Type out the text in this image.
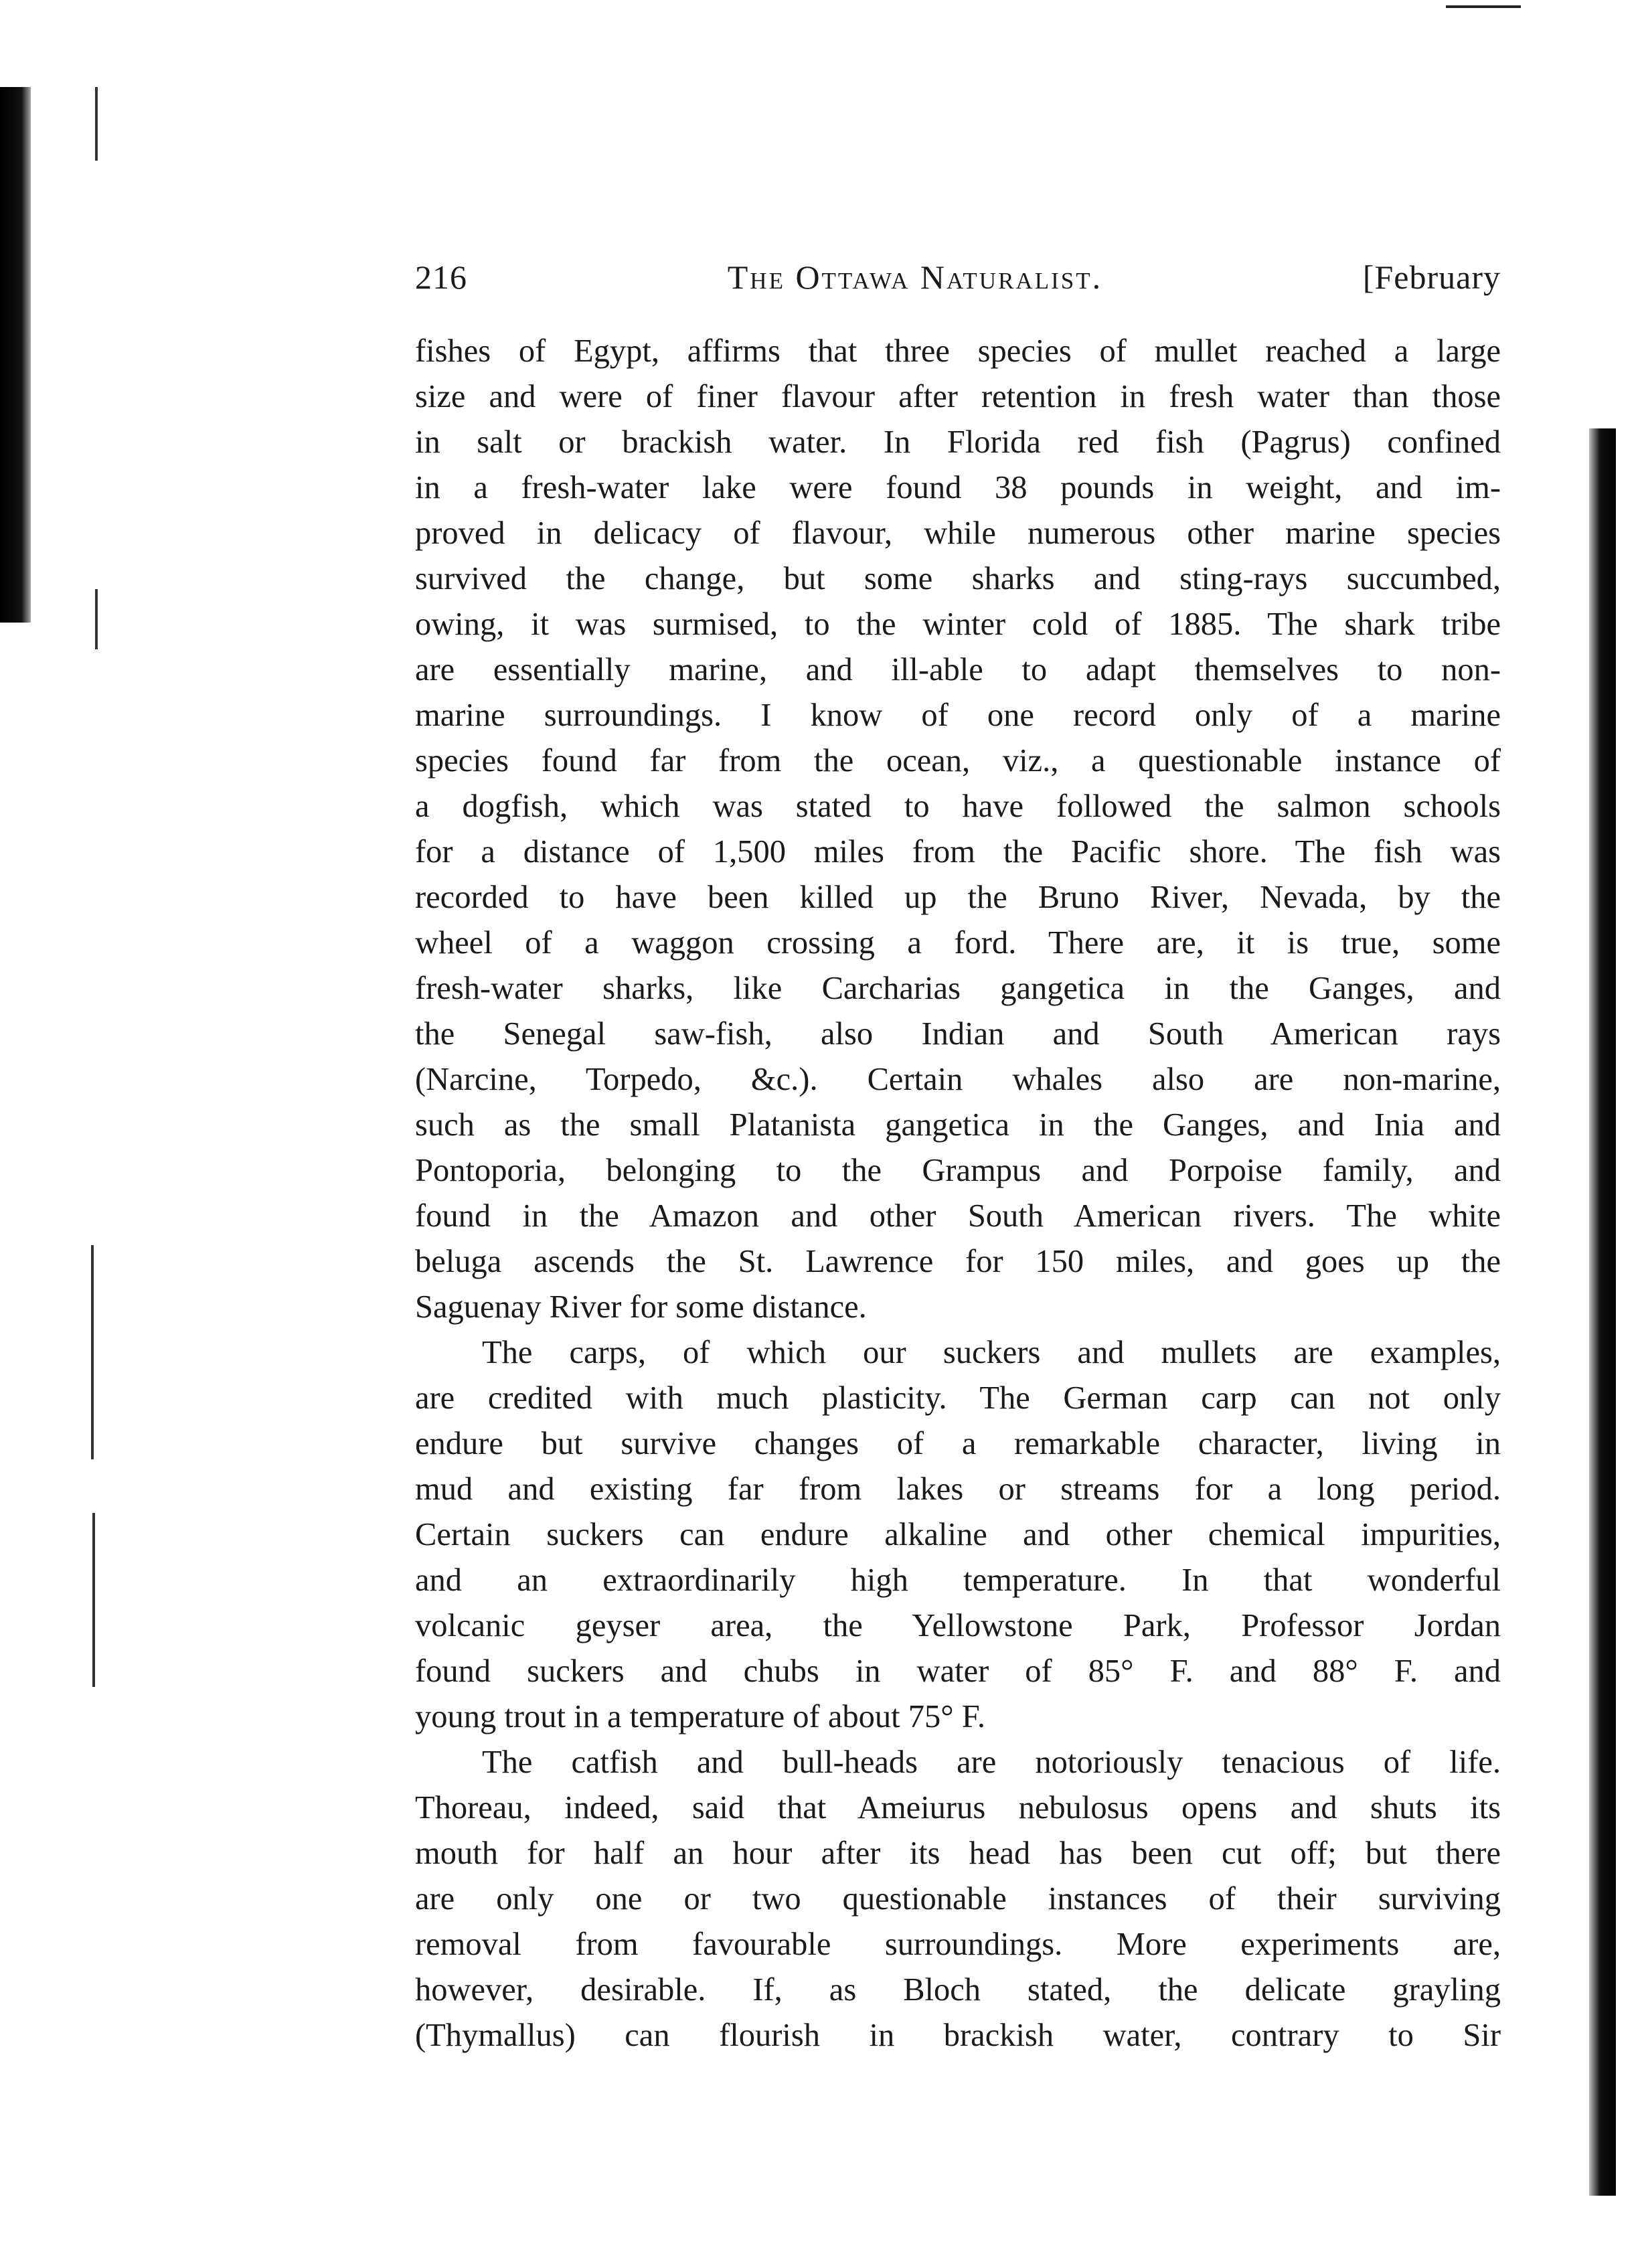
216	The Ottawa Naturalist.	[February

fishes of Egypt, affirms that three species of mullet reached a large

size and were of finer flavour after retention in fresh water than those

in salt or brackish water. In Florida red fish (Pagrus) confined

in a fresh-water lake were found 38 pounds in weight, and im-

proved in delicacy of flavour, while numerous other marine species

survived the change, but some sharks and sting-rays succumbed,

owing, it was surmised, to the winter cold of 1885. The shark tribe

are essentially marine, and ill-able to adapt themselves to non-

marine surroundings. I know of one record only of a marine

species found far from the ocean, viz., a questionable instance of

a dogfish, which was stated to have followed the salmon schools

for a distance of 1,500 miles from the Pacific shore. The fish was

recorded to have been killed up the Bruno River, Nevada, by the

wheel of a waggon crossing a ford. There are, it is true, some

fresh-water sharks, like Carcharias gangetica in the Ganges, and

the Senegal saw-fish, also Indian and South American rays

(Narcine, Torpedo, &c.). Certain whales also are non-marine,

such as the small Platanista gangetica in the Ganges, and Inia and

Pontoporia, belonging to the Grampus and Porpoise family, and

found in the Amazon and other South American rivers. The white

beluga ascends the St. Lawrence for 150 miles, and goes up the

Saguenay River for some distance.

The carps, of which our suckers and mullets are examples,

are credited with much plasticity. The German carp can not only

endure but survive changes of a remarkable character, living in

mud and existing far from lakes or streams for a long period.

Certain suckers can endure alkaline and other chemical impurities,

and an extraordinarily high temperature. In that wonderful

volcanic geyser area, the Yellowstone Park, Professor Jordan

found suckers and chubs in water of 85° F. and 88° F. and

young trout in a temperature of about 75° F.

The catfish and bull-heads are notoriously tenacious of life.

Thoreau, indeed, said that Ameiurus nebulosus opens and shuts its

mouth for half an hour after its head has been cut off; but there

are only one or two questionable instances of their surviving

removal from favourable surroundings. More experiments are,

however, desirable. If, as Bloch stated, the delicate grayling

(Thymallus) can flourish in brackish water, contrary to Sir
